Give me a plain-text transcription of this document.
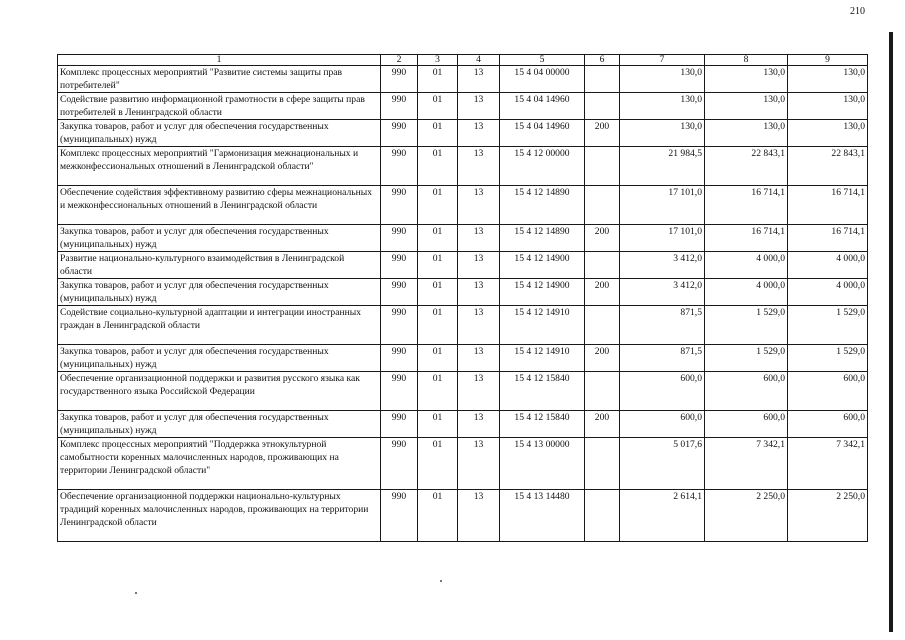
210
1	2	3	4	5	6	7	8	9
Комплекс процессных мероприятий "Развитие системы защиты прав потребителей"	990	01	13	15 4 04 00000		130,0	130,0	130,0
Содействие развитию информационной грамотности в сфере защиты прав потребителей в Ленинградской области	990	01	13	15 4 04 14960		130,0	130,0	130,0
Закупка товаров, работ и услуг для обеспечения государственных (муниципальных) нужд	990	01	13	15 4 04 14960	200	130,0	130,0	130,0
Комплекс процессных мероприятий "Гармонизация межнациональных и межконфессиональных отношений в Ленинградской области"	990	01	13	15 4 12 00000		21 984,5	22 843,1	22 843,1
Обеспечение содействия эффективному развитию сферы межнациональных и межконфессиональных отношений в Ленинградской области	990	01	13	15 4 12 14890		17 101,0	16 714,1	16 714,1
Закупка товаров, работ и услуг для обеспечения государственных (муниципальных) нужд	990	01	13	15 4 12 14890	200	17 101,0	16 714,1	16 714,1
Развитие национально-культурного взаимодействия в Ленинградской области	990	01	13	15 4 12 14900		3 412,0	4 000,0	4 000,0
Закупка товаров, работ и услуг для обеспечения государственных (муниципальных) нужд	990	01	13	15 4 12 14900	200	3 412,0	4 000,0	4 000,0
Содействие социально-культурной адаптации и интеграции иностранных граждан в Ленинградской области	990	01	13	15 4 12 14910		871,5	1 529,0	1 529,0
Закупка товаров, работ и услуг для обеспечения государственных (муниципальных) нужд	990	01	13	15 4 12 14910	200	871,5	1 529,0	1 529,0
Обеспечение организационной поддержки и развития русского языка как государственного языка Российской Федерации	990	01	13	15 4 12 15840		600,0	600,0	600,0
Закупка товаров, работ и услуг для обеспечения государственных (муниципальных) нужд	990	01	13	15 4 12 15840	200	600,0	600,0	600,0
Комплекс процессных мероприятий "Поддержка этнокультурной самобытности коренных малочисленных народов, проживающих на территории Ленинградской области"	990	01	13	15 4 13 00000		5 017,6	7 342,1	7 342,1
Обеспечение организационной поддержки национально-культурных традиций коренных малочисленных народов, проживающих на территории Ленинградской области	990	01	13	15 4 13 14480		2 614,1	2 250,0	2 250,0
